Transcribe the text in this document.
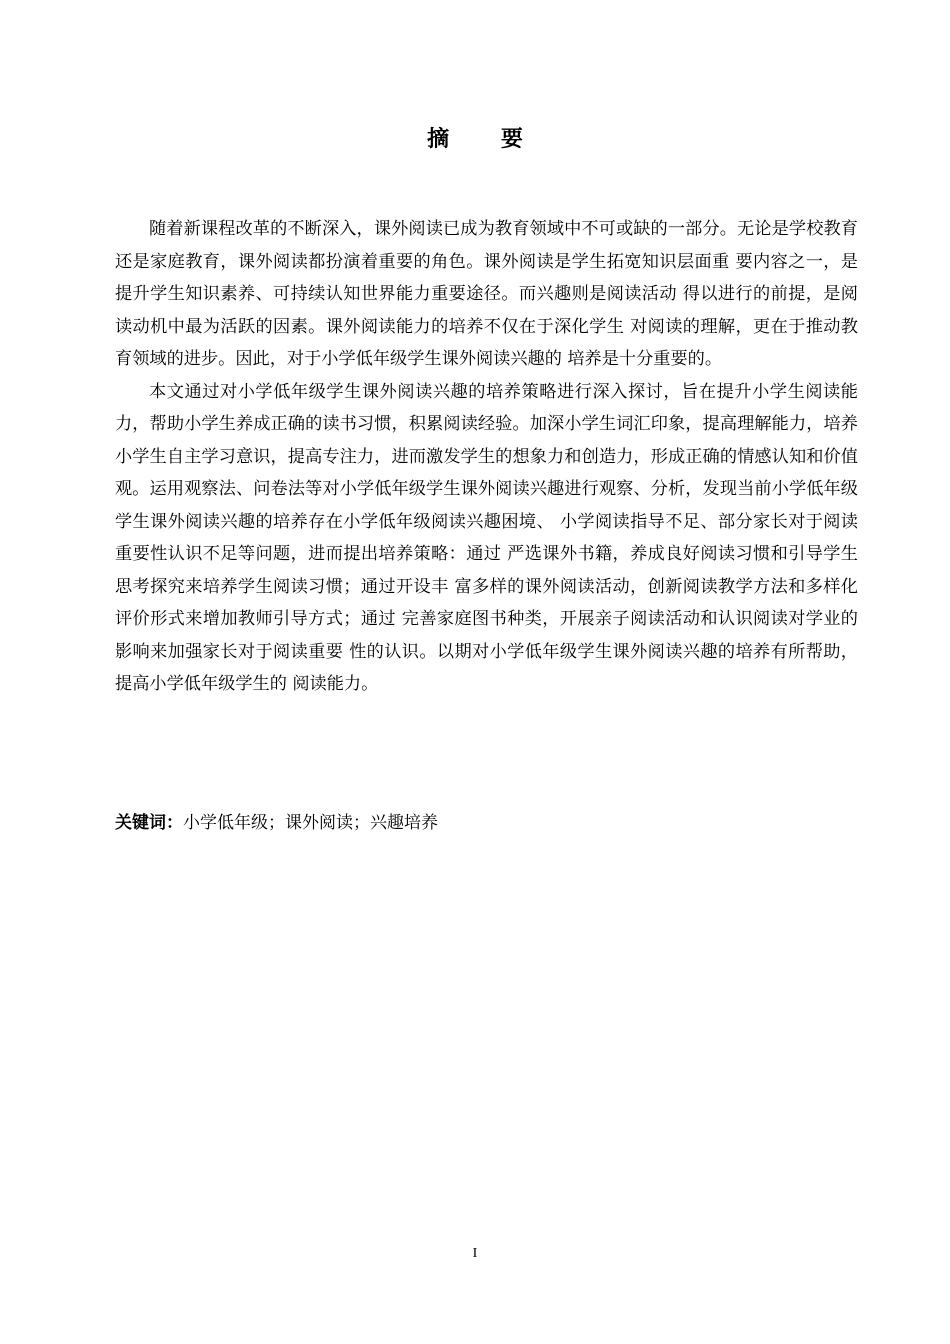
摘 要

随着新课程改革的不断深入，课外阅读已成为教育领域中不可或缺的一部分。无论是学校教育还是家庭教育，课外阅读都扮演着重要的角色。课外阅读是学生拓宽知识层面重 要内容之一，是提升学生知识素养、可持续认知世界能力重要途径。而兴趣则是阅读活动 得以进行的前提，是阅读动机中最为活跃的因素。课外阅读能力的培养不仅在于深化学生 对阅读的理解，更在于推动教育领域的进步。因此，对于小学低年级学生课外阅读兴趣的 培养是十分重要的。

本文通过对小学低年级学生课外阅读兴趣的培养策略进行深入探讨，旨在提升小学生阅读能力，帮助小学生养成正确的读书习惯，积累阅读经验。加深小学生词汇印象，提高理解能力，培养小学生自主学习意识，提高专注力，进而激发学生的想象力和创造力，形成正确的情感认知和价值观。运用观察法、问卷法等对小学低年级学生课外阅读兴趣进行观察、分析，发现当前小学低年级学生课外阅读兴趣的培养存在小学低年级阅读兴趣困境、 小学阅读指导不足、部分家长对于阅读重要性认识不足等问题，进而提出培养策略：通过 严选课外书籍，养成良好阅读习惯和引导学生思考探究来培养学生阅读习惯；通过开设丰 富多样的课外阅读活动，创新阅读教学方法和多样化评价形式来增加教师引导方式；通过 完善家庭图书种类，开展亲子阅读活动和认识阅读对学业的影响来加强家长对于阅读重要 性的认识。以期对小学低年级学生课外阅读兴趣的培养有所帮助，提高小学低年级学生的 阅读能力。

关键词：小学低年级；课外阅读；兴趣培养
I
